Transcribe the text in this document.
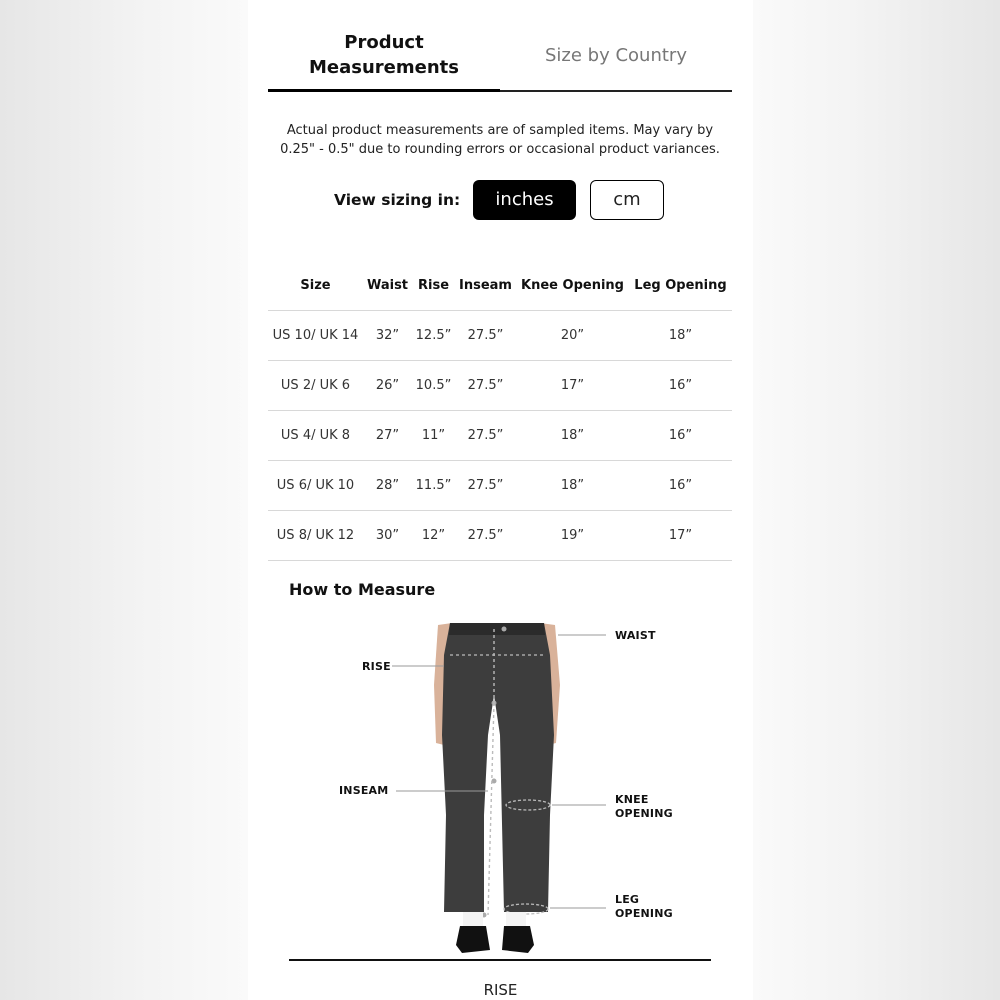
Product Measurements
Size by Country
Actual product measurements are of sampled items. May vary by 0.25" - 0.5" due to rounding errors or occasional product variances.
View sizing in:	inches	cm
Size	Waist	Rise	Inseam	Knee Opening	Leg Opening
US 10/ UK 14	32”	12.5”	27.5”	20”	18”
US 2/ UK 6	26”	10.5”	27.5”	17”	16”
US 4/ UK 8	27”	11”	27.5”	18”	16”
US 6/ UK 10	28”	11.5”	27.5”	18”	16”
US 8/ UK 12	30”	12”	27.5”	19”	17”
How to Measure
WAIST
RISE
INSEAM
KNEE
OPENING
LEG
OPENING
RISE
